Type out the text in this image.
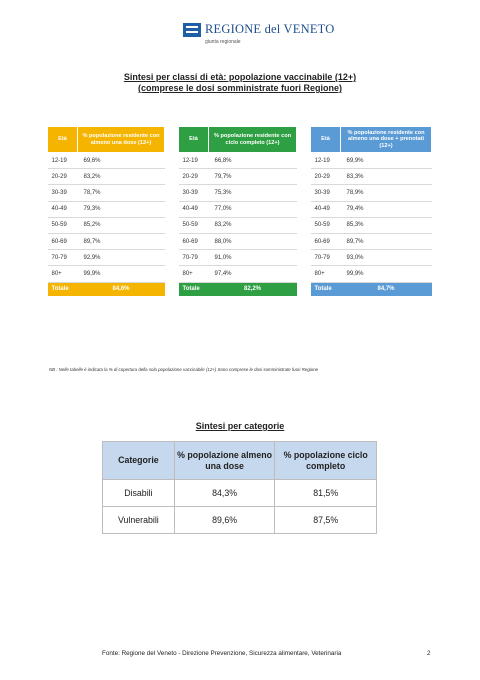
REGIONE del VENETO
giunta regionale
Sintesi per classi di età: popolazione vaccinabile (12+)
(comprese le dosi somministrate fuori Regione)
Età	% popolazione residente con almeno una dose (12+)
12-19	69,6%
20-29	83,2%
30-39	78,7%
40-49	79,3%
50-59	85,2%
60-69	89,7%
70-79	92,9%
80+	99,9%
Totale	84,6%
Età	% popolazione residente con ciclo completo (12+)
12-19	66,8%
20-29	79,7%
30-39	75,3%
40-49	77,0%
50-59	83,2%
60-69	88,0%
70-79	91,0%
80+	97,4%
Totale	82,2%
Età	% popolazione residente con almeno una dose + prenotati (12+)
12-19	69,9%
20-29	83,3%
30-39	78,9%
40-49	79,4%
50-59	85,3%
60-69	89,7%
70-79	93,0%
80+	99,9%
Totale	84,7%
NB : Nelle tabelle è indicata la % di copertura della sola popolazione vaccinabile (12+) Sono comprese le dosi somministrate fuori Regione
Sintesi per categorie
Categorie	% popolazione almeno una dose	% popolazione ciclo completo
Disabili	84,3%	81,5%
Vulnerabili	89,6%	87,5%
Fonte: Regione del Veneto - Direzione Prevenzione, Sicurezza alimentare, Veterinaria	2
